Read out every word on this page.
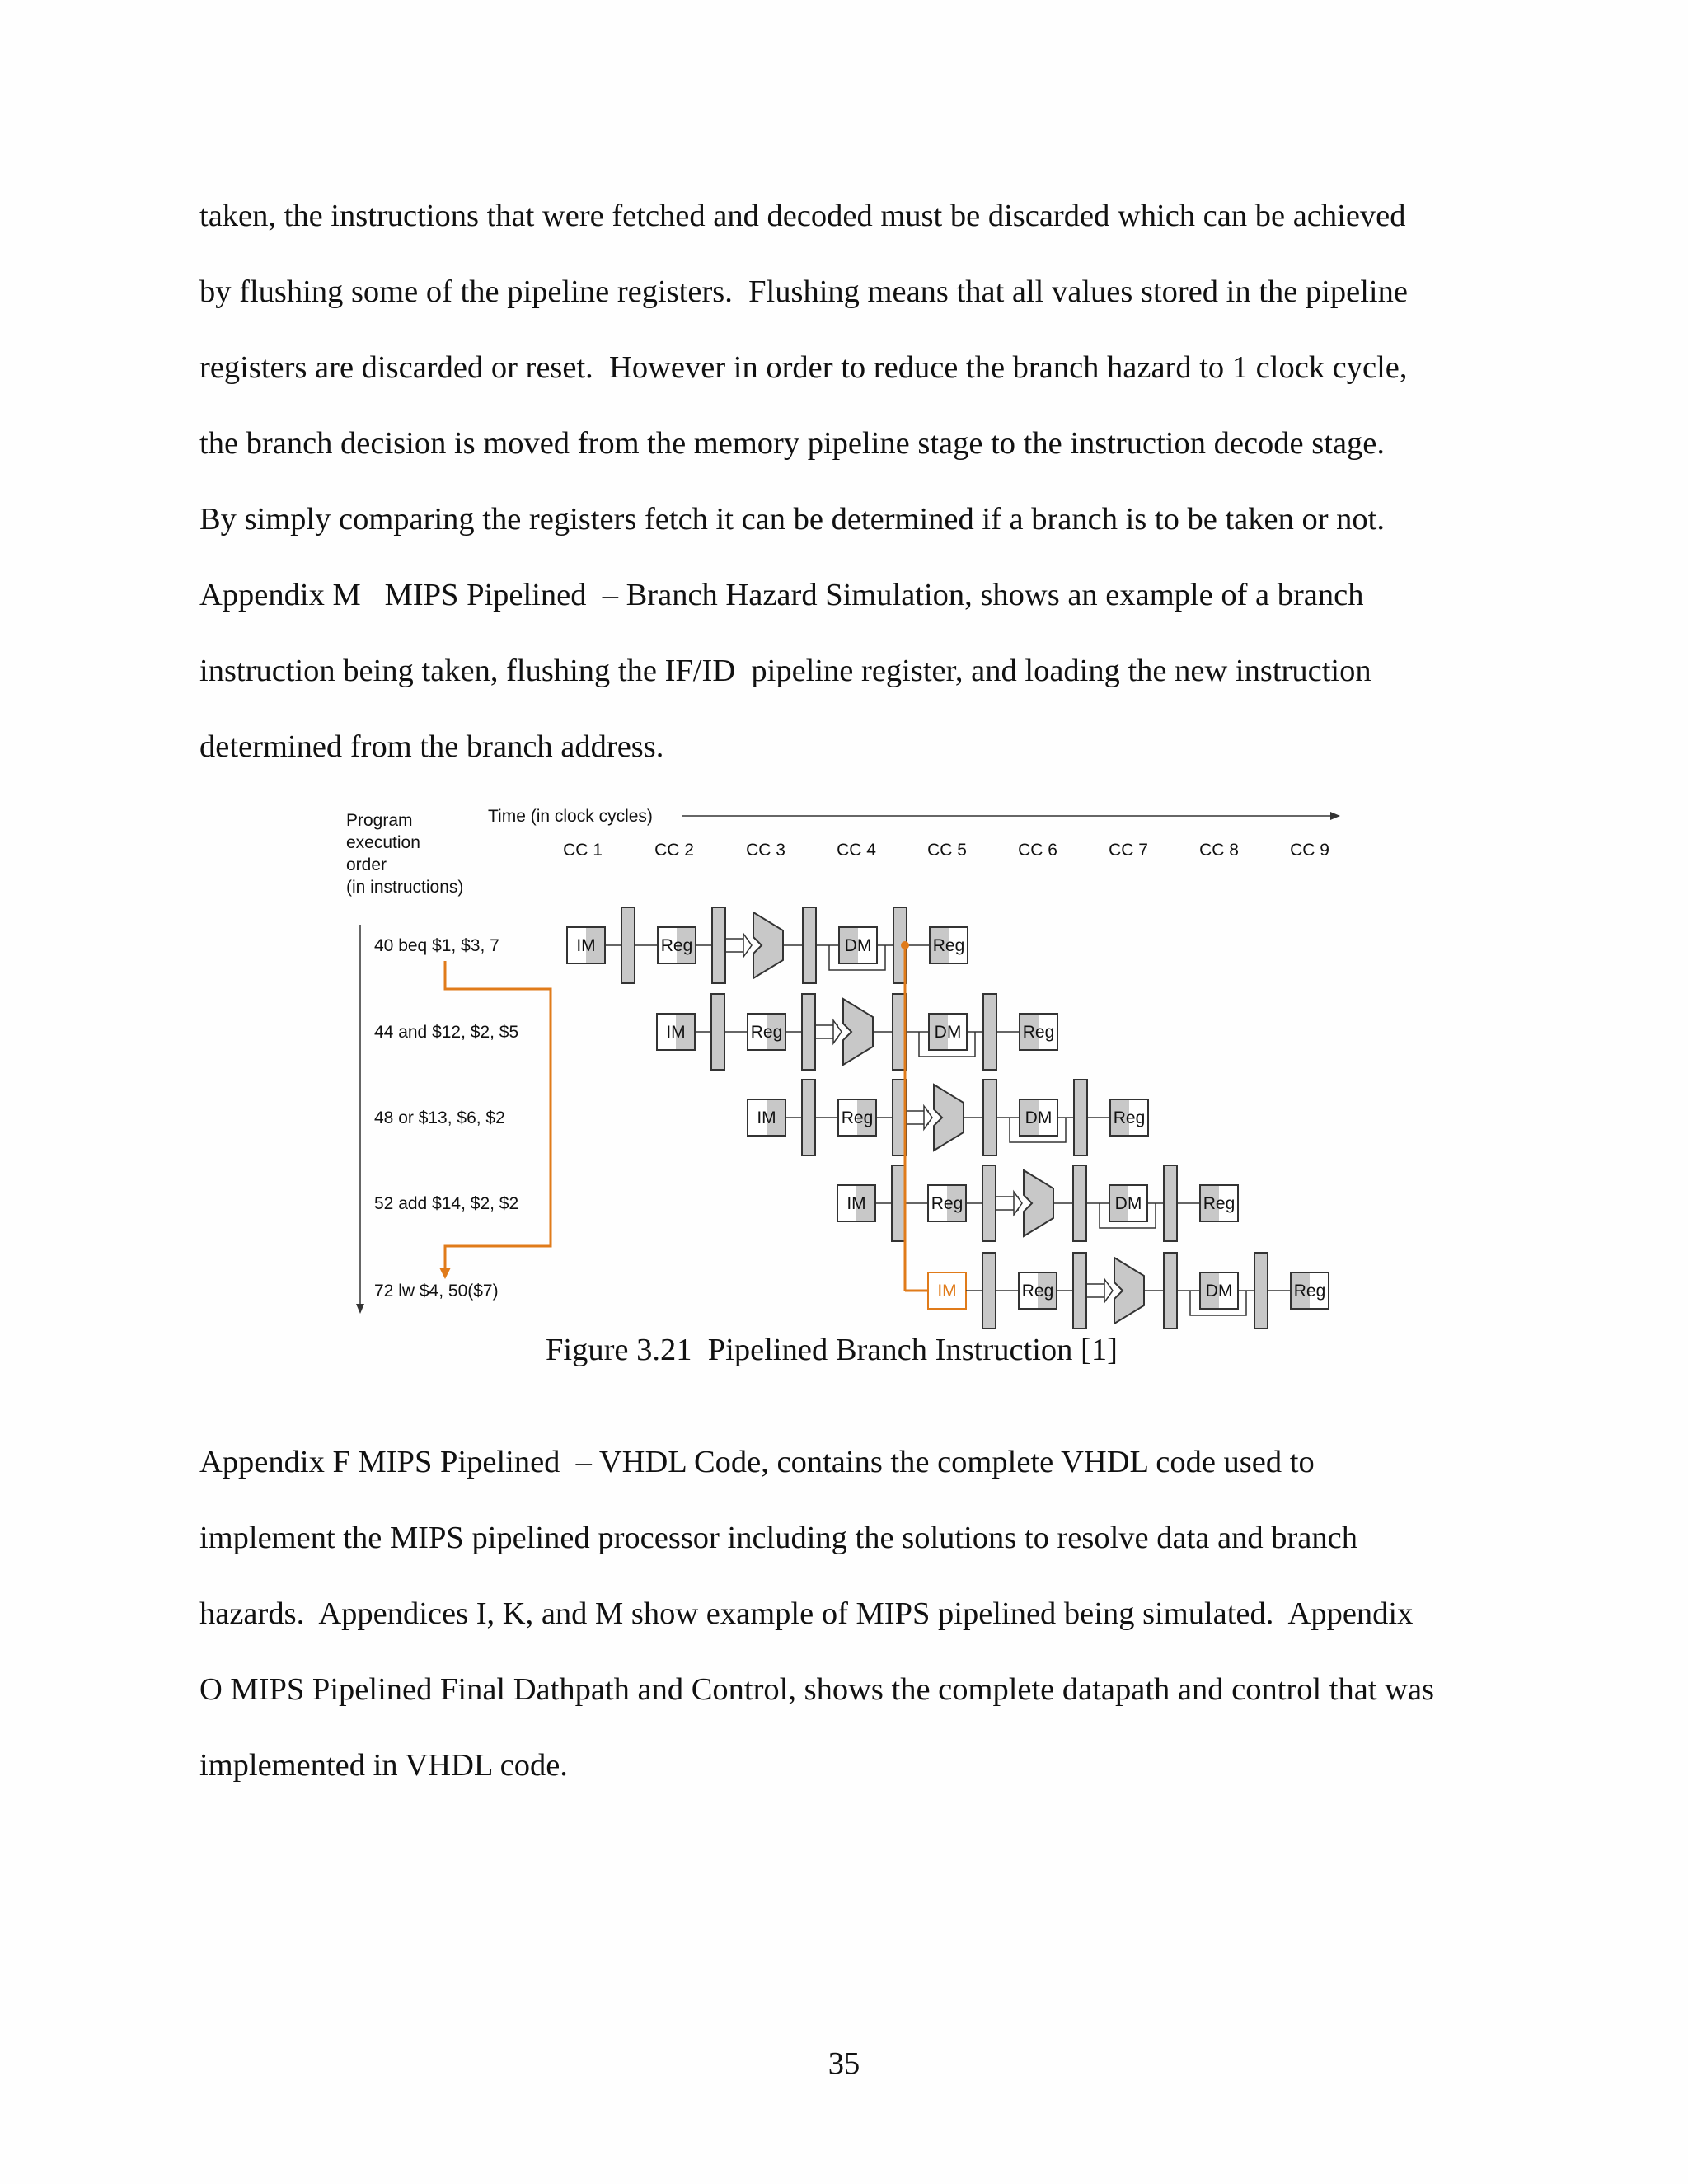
taken, the instructions that were fetched and decoded must be discarded which can be achieved
by flushing some of the pipeline registers.  Flushing means that all values stored in the pipeline
registers are discarded or reset.  However in order to reduce the branch hazard to 1 clock cycle,
the branch decision is moved from the memory pipeline stage to the instruction decode stage.
By simply comparing the registers fetch it can be determined if a branch is to be taken or not.
Appendix M   MIPS Pipelined  – Branch Hazard Simulation, shows an example of a branch
instruction being taken, flushing the IF/ID  pipeline register, and loading the new instruction
determined from the branch address.
Program
execution
order
(in instructions)
Time (in clock cycles)
CC 1	CC 2	CC 3	CC 4	CC 5	CC 6	CC 7	CC 8	CC 9
40 beq $1, $3, 7
44 and $12, $2, $5
48 or $13, $6, $2
52 add $14, $2, $2
72 lw $4, 50($7)
IM	Reg	DM	Reg
IM	Reg	DM	Reg
IM	Reg	DM	Reg
IM	Reg	DM	Reg
IM	Reg	DM	Reg
Figure 3.21  Pipelined Branch Instruction [1]
Appendix F MIPS Pipelined  – VHDL Code, contains the complete VHDL code used to
implement the MIPS pipelined processor including the solutions to resolve data and branch
hazards.  Appendices I, K, and M show example of MIPS pipelined being simulated.  Appendix
O MIPS Pipelined Final Dathpath and Control, shows the complete datapath and control that was
implemented in VHDL code.
35
